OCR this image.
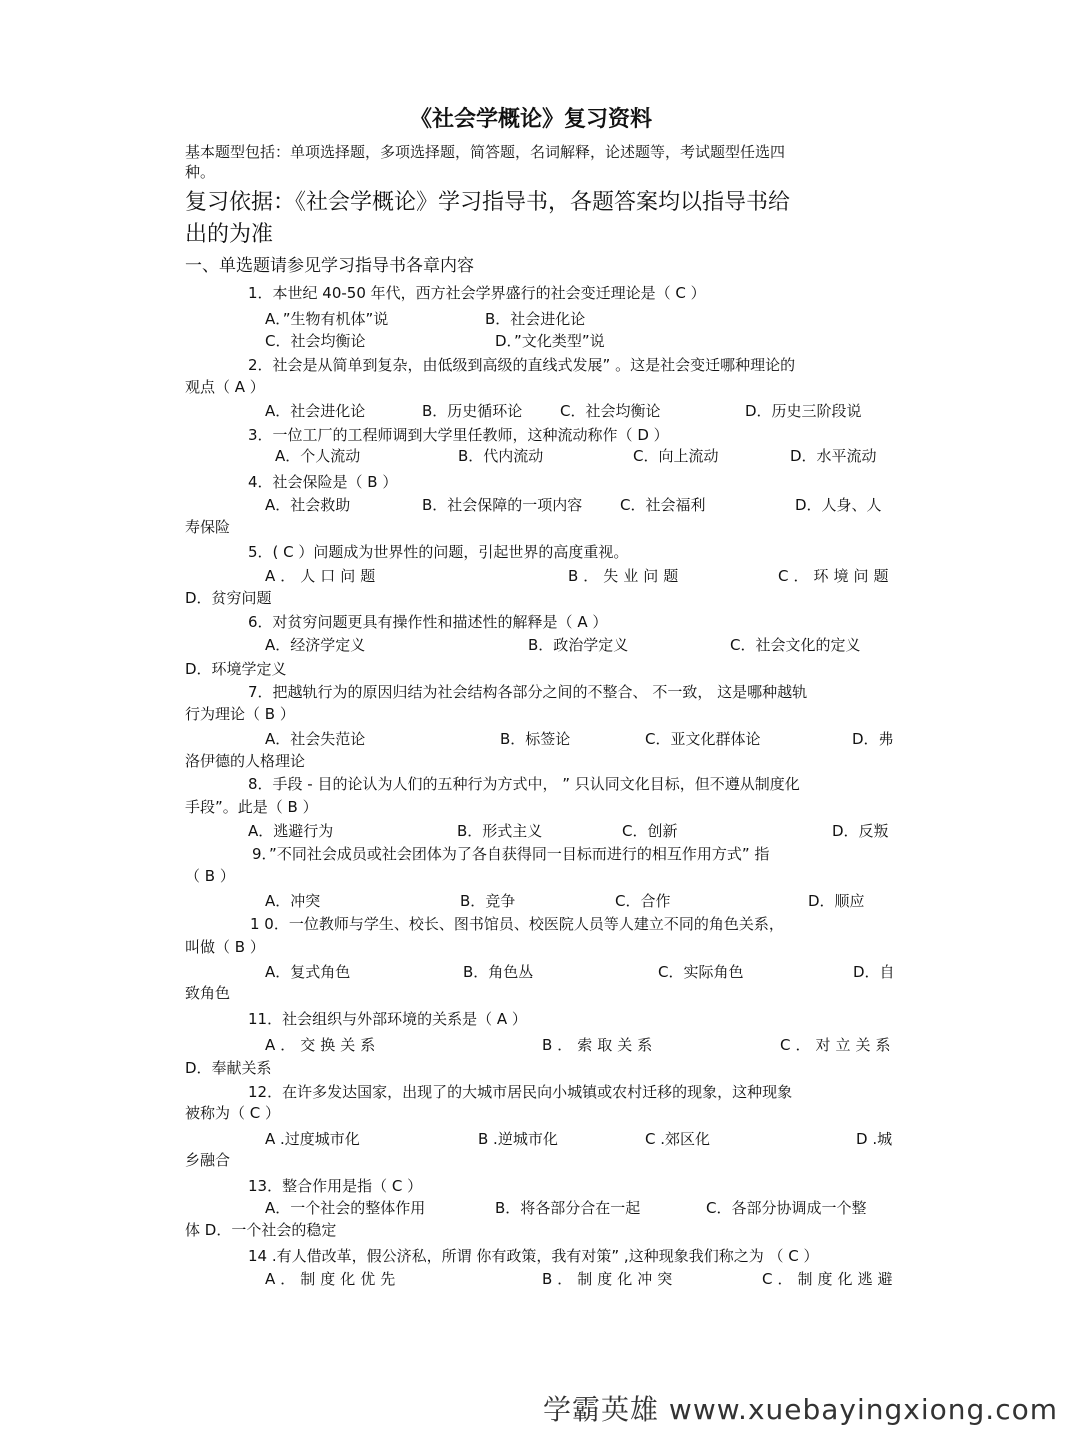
《社会学概论》复习资料
基本题型包括：单项选择题，多项选择题，简答题，名词解释，论述题等，考试题型任选四
种。
复习依据：《社会学概论》学习指导书，各题答案均以指导书给
出的为准
一、单选题请参见学习指导书各章内容
1．本世纪 40-50 年代，西方社会学界盛行的社会变迁理论是（ C ）
A．”生物有机体”说	B．社会进化论
C．社会均衡论	D．”文化类型”说
2．社会是从简单到复杂，由低级到高级的直线式发展” 。这是社会变迁哪种理论的
观点（ A ）
A．社会进化论	B．历史循环论	C．社会均衡论	D．历史三阶段说
3．一位工厂的工程师调到大学里任教师，这种流动称作（ D ）
A．个人流动	B．代内流动	C．向上流动	D．水平流动
4．社会保险是（ B ）
A．社会救助	B．社会保障的一项内容	C．社会福利	D．人身、人
寿保险
5．( C ）问题成为世界性的问题，引起世界的高度重视。
A．人口问题	B．失业问题	C．环境问题
D．贫穷问题
6．对贫穷问题更具有操作性和描述性的解释是（ A ）
A．经济学定义	B．政治学定义	C．社会文化的定义
D．环境学定义
7．把越轨行为的原因归结为社会结构各部分之间的不整合、 不一致， 这是哪种越轨
行为理论（ B ）
A．社会失范论	B．标签论	C．亚文化群体论	D．弗
洛伊德的人格理论
8．手段 - 目的论认为人们的五种行为方式中， ” 只认同文化目标，但不遵从制度化
手段”。此是（ B ）
A．逃避行为	B．形式主义	C．创新	D．反叛
9．”不同社会成员或社会团体为了各自获得同一目标而进行的相互作用方式” 指
（ B ）
A．冲突	B．竞争	C．合作	D．顺应
1 0．一位教师与学生、校长、图书馆员、校医院人员等人建立不同的角色关系，
叫做（ B ）
A．复式角色	B．角色丛	C．实际角色	D．自
致角色
11．社会组织与外部环境的关系是（ A ）
A．交换关系	B．索取关系	C．对立关系
D．奉献关系
12．在许多发达国家，出现了的大城市居民向小城镇或农村迁移的现象，这种现象
被称为（ C ）
A .过度城市化	B .逆城市化	C .郊区化	D .城
乡融合
13．整合作用是指（ C ）
A．一个社会的整体作用	B．将各部分合在一起	C．各部分协调成一个整
体 D．一个社会的稳定
14 .有人借改革，假公济私，所谓 你有政策，我有对策” ,这种现象我们称之为 （ C ）
A．制度化优先	B．制度化冲突	C．制度化逃避
学霸英雄 www.xuebayingxiong.com
